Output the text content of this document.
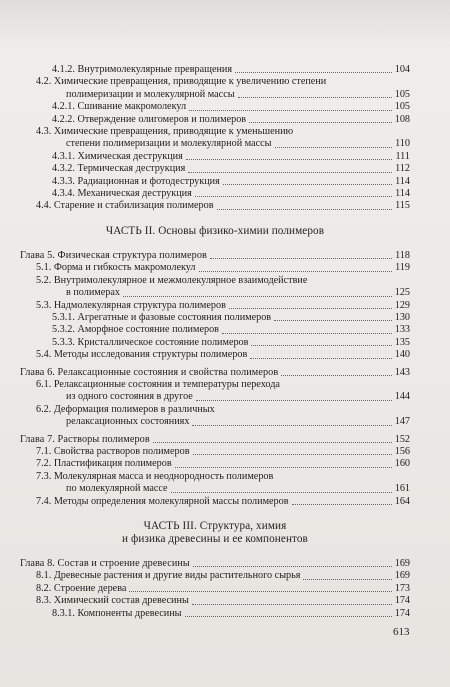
4.1.2. Внутримолекулярные превращения	104
4.2. Химические превращения, приводящие к увеличению степени
полимеризации и молекулярной массы	105
4.2.1. Сшивание макромолекул	105
4.2.2. Отверждение олигомеров и полимеров	108
4.3. Химические превращения, приводящие к уменьшению
степени полимеризации и молекулярной массы	110
4.3.1. Химическая деструкция	111
4.3.2. Термическая деструкция	112
4.3.3. Радиационная и фотодеструкция	114
4.3.4. Механическая деструкция	114
4.4. Старение и стабилизация полимеров	115
ЧАСТЬ II. Основы физико-химии полимеров
Глава 5. Физическая структура полимеров	118
5.1. Форма и гибкость макромолекул	119
5.2. Внутримолекулярное и межмолекулярное взаимодействие
в полимерах	125
5.3. Надмолекулярная структура полимеров	129
5.3.1. Агрегатные и фазовые состояния полимеров	130
5.3.2. Аморфное состояние полимеров	133
5.3.3. Кристаллическое состояние полимеров	135
5.4. Методы исследования структуры полимеров	140
Глава 6. Релаксационные состояния и свойства полимеров	143
6.1. Релаксационные состояния и температуры перехода
из одного состояния в другое	144
6.2. Деформация полимеров в различных
релаксационных состояниях	147
Глава 7. Растворы полимеров	152
7.1. Свойства растворов полимеров	156
7.2. Пластификация полимеров	160
7.3. Молекулярная масса и неоднородность полимеров
по молекулярной массе	161
7.4. Методы определения молекулярной массы полимеров	164
ЧАСТЬ III. Структура, химия
и физика древесины и ее компонентов
Глава 8. Состав и строение древесины	169
8.1. Древесные растения и другие виды растительного сырья	169
8.2. Строение дерева	173
8.3. Химический состав древесины	174
8.3.1. Компоненты древесины	174
613
